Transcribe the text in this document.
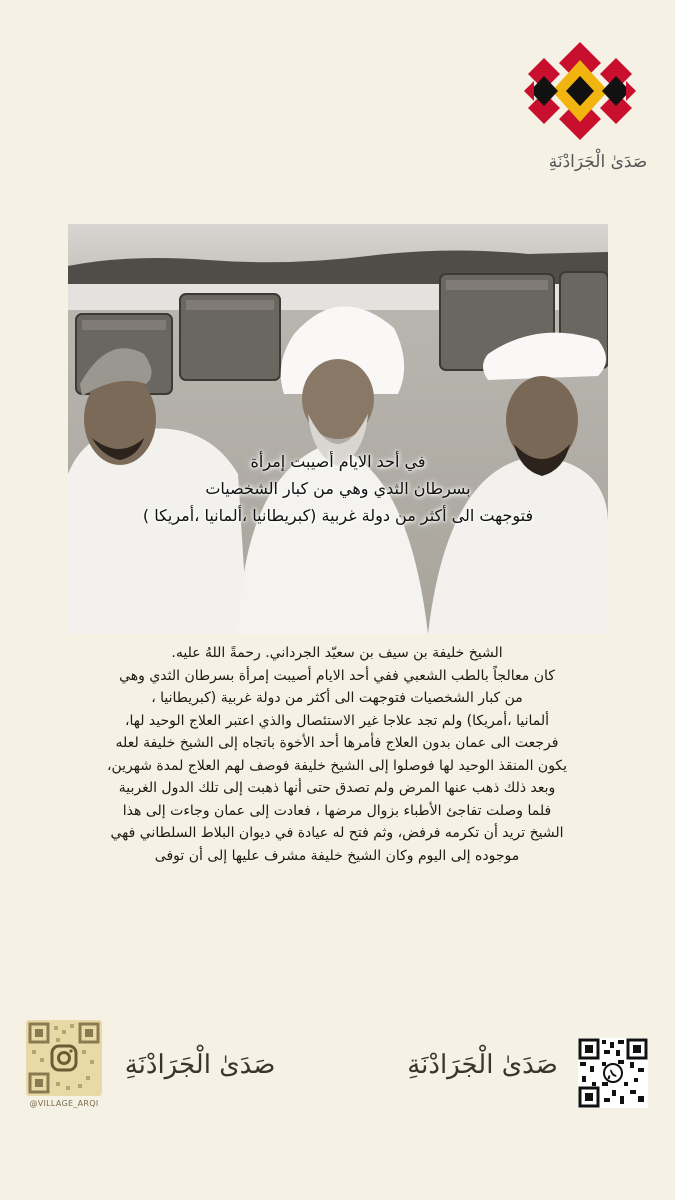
صَدَىٰ الْجَرَادْنَةِ
في أحد الايام أصيبت إمرأة
بسرطان الثدي وهي من كبار الشخصيات
فتوجهت الى أكثر من دولة غربية (كبريطانيا ،ألمانيا ،أمريكا )
الشيخ خليفة بن سيف بن سعيّد الجرداني. رحمةً اللهُ عليه.
كان معالجاً بالطب الشعبي ففي أحد الايام أصيبت إمرأة بسرطان الثدي وهي
من كبار الشخصيات فتوجهت الى أكثر من دولة غربية (كبريطانيا ،
ألمانيا ،أمريكا) ولم تجد علاجا غير الاستئصال والذي اعتبر العلاج الوحيد لها،
فرجعت الى عمان بدون العلاج فأمرها أحد الأخوة باتجاه إلى الشيخ خليفة لعله
يكون المنقذ الوحيد لها فوصلوا إلى الشيخ خليفة فوصف لهم العلاج لمدة شهرين،
وبعد ذلك ذهب عنها المرض ولم تصدق حتى أنها ذهبت إلى تلك الدول الغربية
فلما وصلت تفاجئ الأطباء بزوال مرضها ، فعادت إلى عمان وجاءت إلى هذا
الشيخ تريد أن تكرمه فرفض، وثم فتح له عيادة في ديوان البلاط السلطاني فهي
موجوده إلى اليوم وكان الشيخ خليفة مشرف عليها إلى أن توفى
@VILLAGE_ARQI
صَدَىٰ الْجَرَادْنَةِ	صَدَىٰ الْجَرَادْنَةِ
